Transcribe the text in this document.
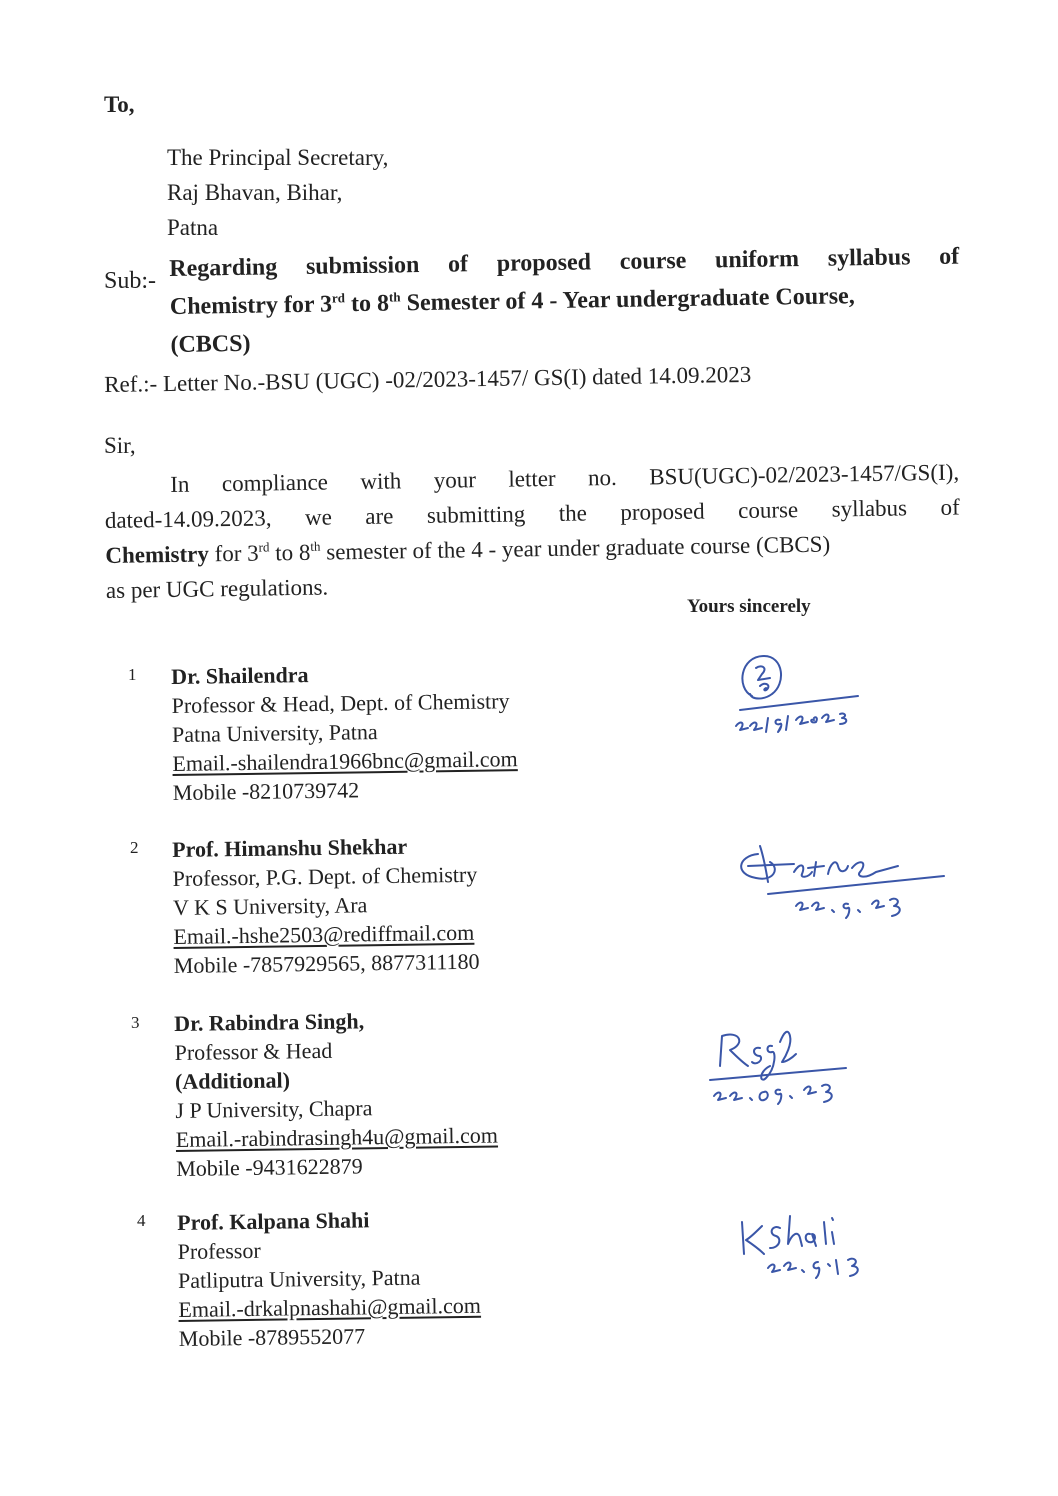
To,
The Principal Secretary,
Raj Bhavan, Bihar,
Patna
Sub:- Regarding submission of proposed course uniform syllabus of
Chemistry for 3rd to 8th Semester of 4 - Year undergraduate Course,
(CBCS)
Ref.:- Letter No.-BSU (UGC) -02/2023-1457/ GS(I) dated 14.09.2023
Sir,
In compliance with your letter no. BSU(UGC)-02/2023-1457/GS(I),
dated-14.09.2023, we are submitting the proposed course syllabus of
Chemistry for 3rd to 8th semester of the 4 - year under graduate course (CBCS)
as per UGC regulations.
Yours sincerely
1 Dr. Shailendra
Professor & Head, Dept. of Chemistry
Patna University, Patna
Email.-shailendra1966bnc@gmail.com
Mobile -8210739742
2 Prof. Himanshu Shekhar
Professor, P.G. Dept. of Chemistry
V K S University, Ara
Email.-hshe2503@rediffmail.com
Mobile -7857929565, 8877311180
3 Dr. Rabindra Singh,
Professor & Head
(Additional)
J P University, Chapra
Email.-rabindrasingh4u@gmail.com
Mobile -9431622879
4 Prof. Kalpana Shahi
Professor
Patliputra University, Patna
Email.-drkalpnashahi@gmail.com
Mobile -8789552077
